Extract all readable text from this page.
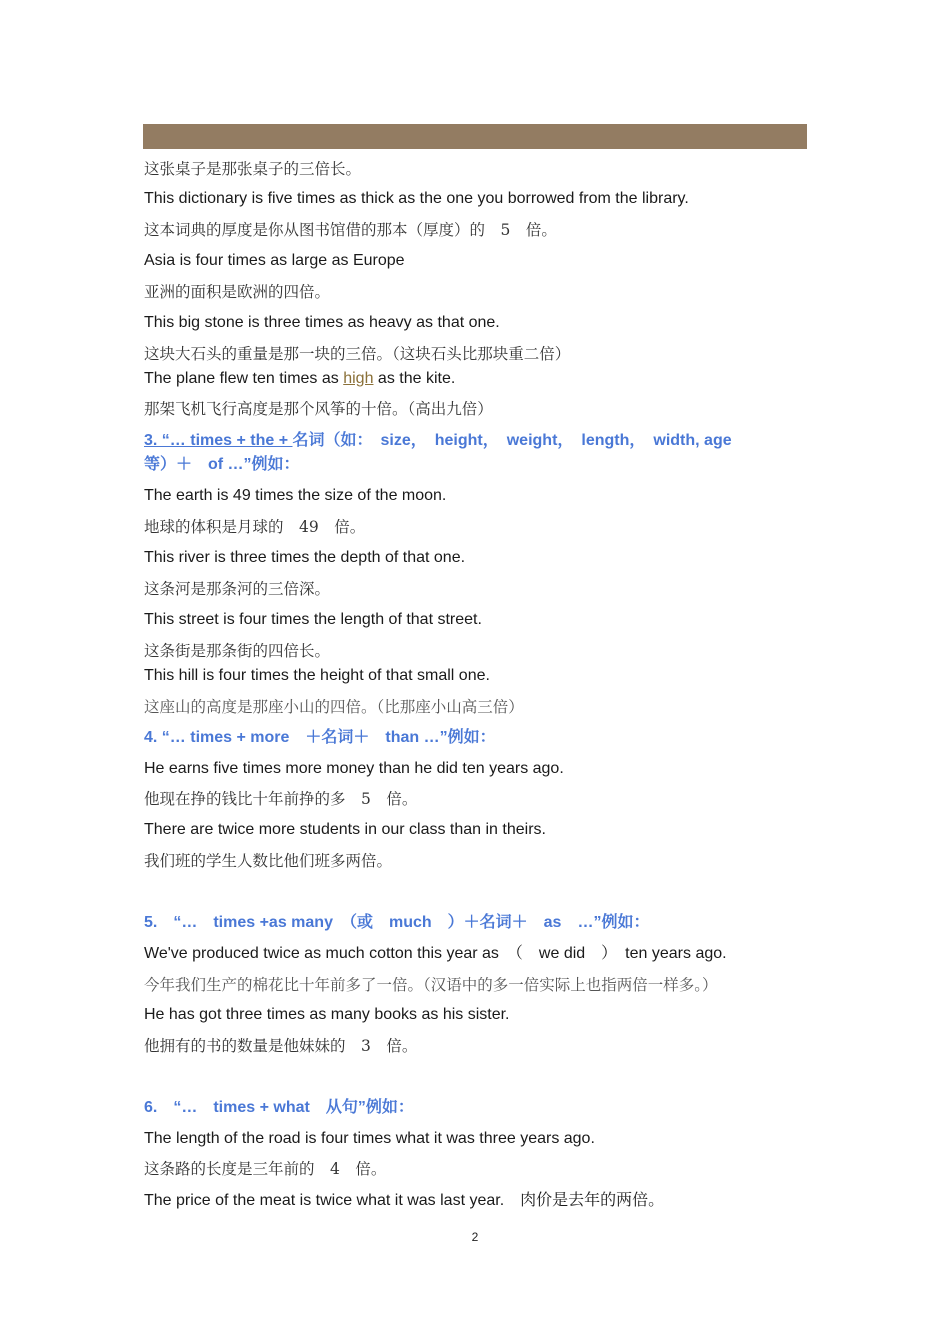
这张桌子是那张桌子的三倍长。
This dictionary is five times as thick as the one you borrowed from the library.
这本词典的厚度是你从图书馆借的那本（厚度）的　5　倍。
Asia is four times as large as Europe
亚洲的面积是欧洲的四倍。
This big stone is three times as heavy as that one.
这块大石头的重量是那一块的三倍。（这块石头比那块重二倍）
The plane flew ten times as high as the kite.
那架飞机飞行高度是那个风筝的十倍。（高出九倍）
3. “… times + the + 名词（如：　size，　height，　weight，　length，　width, age
等）＋　of …”例如：
The earth is 49 times the size of the moon.
地球的体积是月球的　49　倍。
This river is three times the depth of that one.
这条河是那条河的三倍深。
This street is four times the length of that street.
这条街是那条街的四倍长。
This hill is four times the height of that small one.
这座山的高度是那座小山的四倍。（比那座小山高三倍）
4. “… times + more　＋名词＋　than …”例如：
He earns five times more money than he did ten years ago.
他现在挣的钱比十年前挣的多　5　倍。
There are twice more students in our class than in theirs.
我们班的学生人数比他们班多两倍。
5.　“…　times +as many　（或　much　）＋名词＋　as　…”例如：
We've produced twice as much cotton this year as　（　we did　）　ten years ago.
今年我们生产的棉花比十年前多了一倍。（汉语中的多一倍实际上也指两倍一样多。）
He has got three times as many books as his sister.
他拥有的书的数量是他妹妹的　3　倍。
6.　“…　times + what　从句”例如：
The length of the road is four times what it was three years ago.
这条路的长度是三年前的　4　倍。
The price of the meat is twice what it was last year.　肉价是去年的两倍。
2
